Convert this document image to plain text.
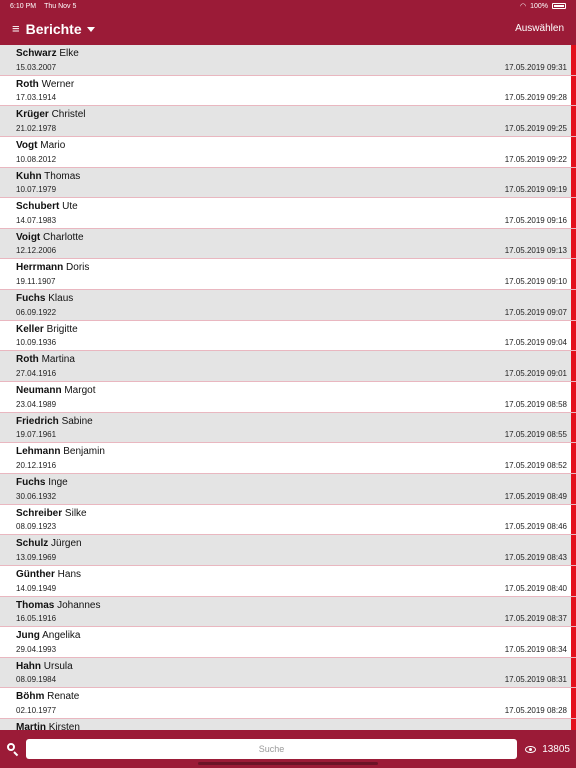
6:10 PM Thu Nov 5	◠ 100%
≡ Berichte	Auswählen
Schwarz Elke
15.03.2007	17.05.2019 09:31
Roth Werner
17.03.1914	17.05.2019 09:28
Krüger Christel
21.02.1978	17.05.2019 09:25
Vogt Mario
10.08.2012	17.05.2019 09:22
Kuhn Thomas
10.07.1979	17.05.2019 09:19
Schubert Ute
14.07.1983	17.05.2019 09:16
Voigt Charlotte
12.12.2006	17.05.2019 09:13
Herrmann Doris
19.11.1907	17.05.2019 09:10
Fuchs Klaus
06.09.1922	17.05.2019 09:07
Keller Brigitte
10.09.1936	17.05.2019 09:04
Roth Martina
27.04.1916	17.05.2019 09:01
Neumann Margot
23.04.1989	17.05.2019 08:58
Friedrich Sabine
19.07.1961	17.05.2019 08:55
Lehmann Benjamin
20.12.1916	17.05.2019 08:52
Fuchs Inge
30.06.1932	17.05.2019 08:49
Schreiber Silke
08.09.1923	17.05.2019 08:46
Schulz Jürgen
13.09.1969	17.05.2019 08:43
Günther Hans
14.09.1949	17.05.2019 08:40
Thomas Johannes
16.05.1916	17.05.2019 08:37
Jung Angelika
29.04.1993	17.05.2019 08:34
Hahn Ursula
08.09.1984	17.05.2019 08:31
Böhm Renate
02.10.1977	17.05.2019 08:28
Martin Kirsten
Suche
13805
